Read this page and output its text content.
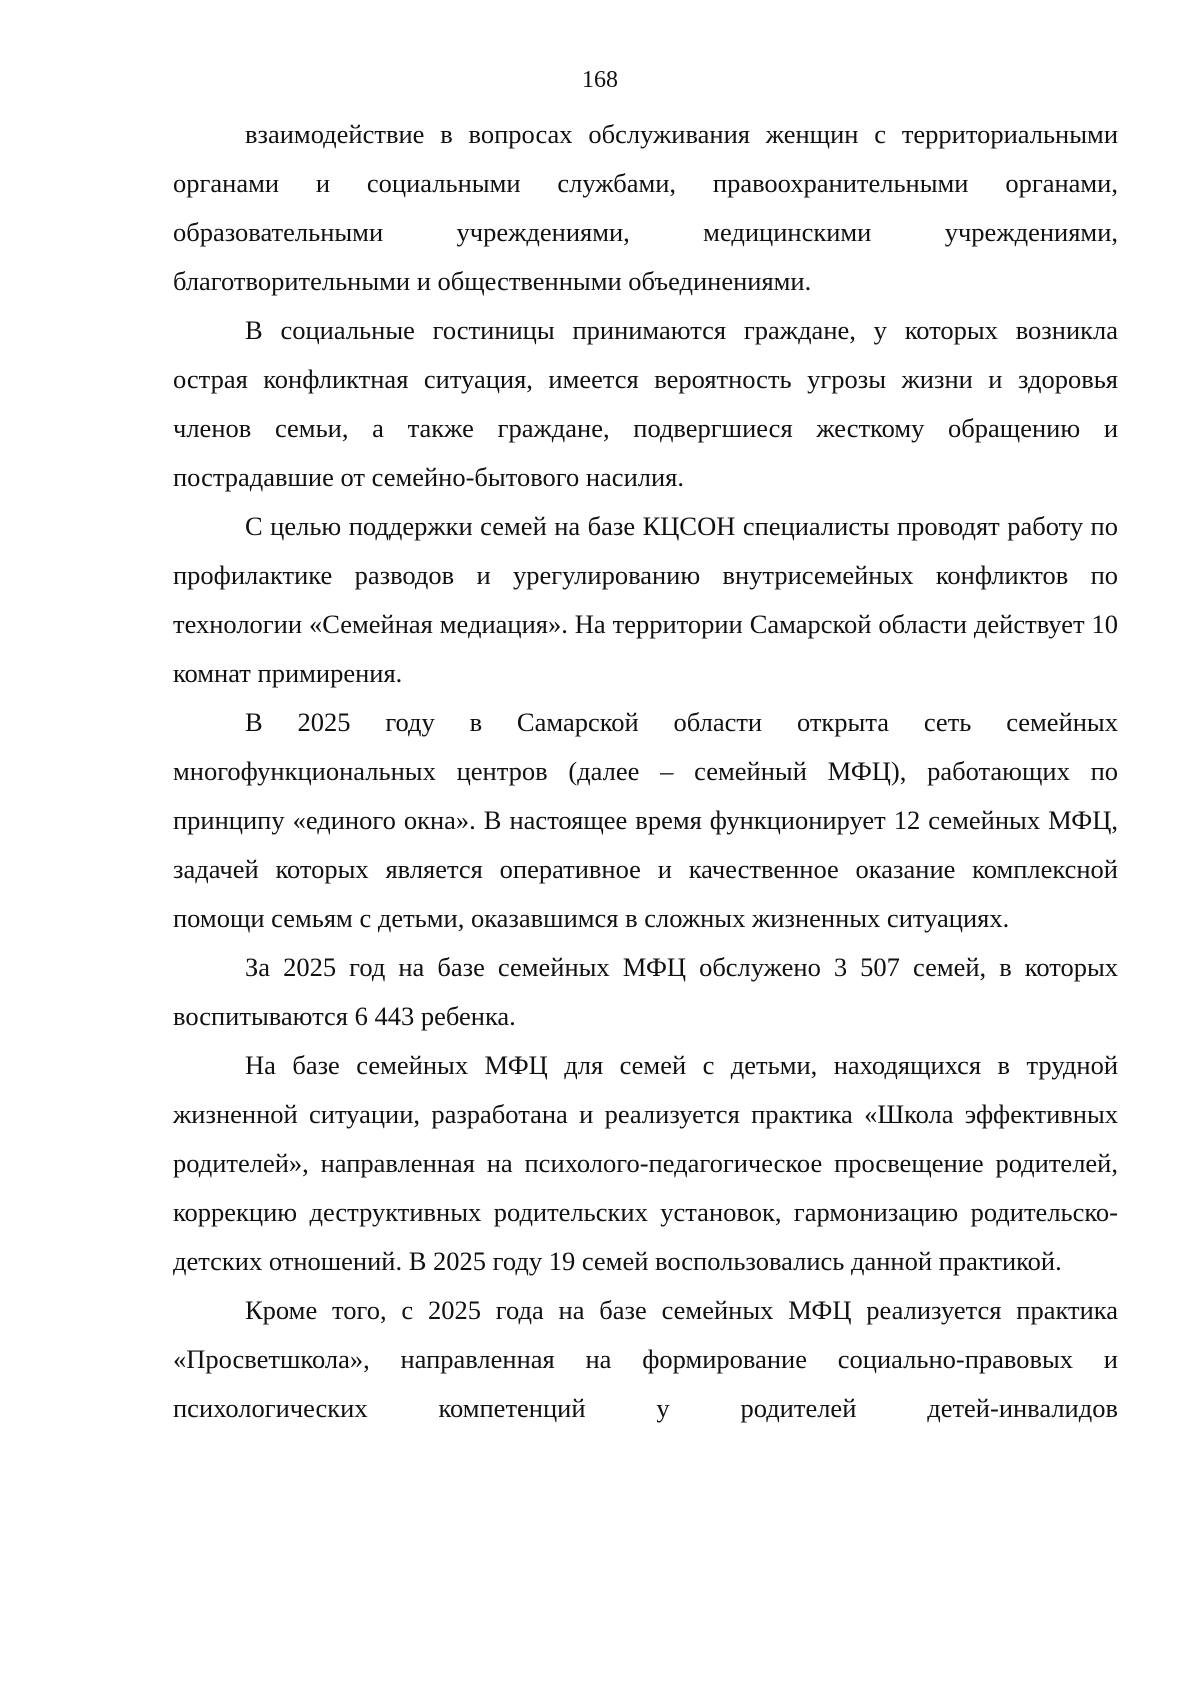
168

взаимодействие в вопросах обслуживания женщин с территориальными органами и социальными службами, правоохранительными органами, образовательными учреждениями, медицинскими учреждениями, благотворительными и общественными объединениями.

В социальные гостиницы принимаются граждане, у которых возникла острая конфликтная ситуация, имеется вероятность угрозы жизни и здоровья членов семьи, а также граждане, подвергшиеся жесткому обращению и пострадавшие от семейно-бытового насилия.

С целью поддержки семей на базе КЦСОН специалисты проводят работу по профилактике разводов и урегулированию внутрисемейных конфликтов по технологии «Семейная медиация». На территории Самарской области действует 10 комнат примирения.

В 2025 году в Самарской области открыта сеть семейных многофункциональных центров (далее – семейный МФЦ), работающих по принципу «единого окна». В настоящее время функционирует 12 семейных МФЦ, задачей которых является оперативное и качественное оказание комплексной помощи семьям с детьми, оказавшимся в сложных жизненных ситуациях.

За 2025 год на базе семейных МФЦ обслужено 3 507 семей, в которых воспитываются 6 443 ребенка.

На базе семейных МФЦ для семей с детьми, находящихся в трудной жизненной ситуации, разработана и реализуется практика «Школа эффективных родителей», направленная на психолого-педагогическое просвещение родителей, коррекцию деструктивных родительских установок, гармонизацию родительско-детских отношений. В 2025 году 19 семей воспользовались данной практикой.

Кроме того, с 2025 года на базе семейных МФЦ реализуется практика «Просветшкола», направленная на формирование социально-правовых и психологических компетенций у родителей детей-инвалидов
